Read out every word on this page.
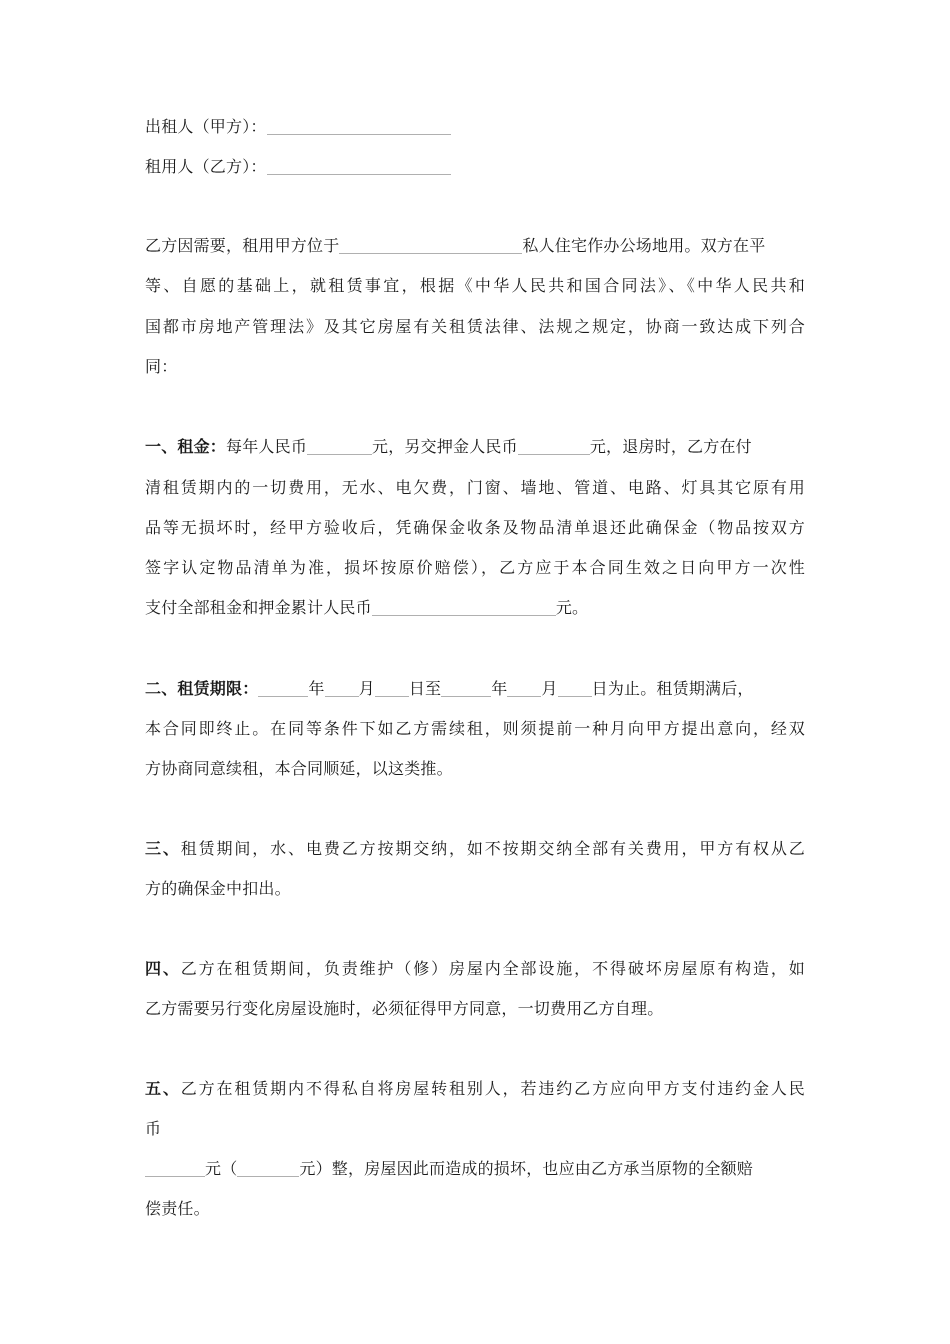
出租人（甲方）：
租用人（乙方）：
乙方因需要，租用甲方位于	私人住宅作办公场地用。双方在平
等、自愿的基础上，就租赁事宜，根据《中华人民共和国合同法》、《中华人民共和
国都市房地产管理法》及其它房屋有关租赁法律、法规之规定，协商一致达成下列合
同：
一、租金：每年人民币	元，另交押金人民币	元，退房时，乙方在付
清租赁期内的一切费用，无水、电欠费，门窗、墙地、管道、电路、灯具其它原有用
品等无损坏时，经甲方验收后，凭确保金收条及物品清单退还此确保金（物品按双方
签字认定物品清单为准，损坏按原价赔偿），乙方应于本合同生效之日向甲方一次性
支付全部租金和押金累计人民币	元。
二、租赁期限：	年 月 日至	年 月 日为止。租赁期满后，
本合同即终止。在同等条件下如乙方需续租，则须提前一种月向甲方提出意向，经双
方协商同意续租，本合同顺延，以这类推。
三、租赁期间，水、电费乙方按期交纳，如不按期交纳全部有关费用，甲方有权从乙
方的确保金中扣出。
四、乙方在租赁期间，负责维护（修）房屋内全部设施，不得破坏房屋原有构造，如
乙方需要另行变化房屋设施时，必须征得甲方同意，一切费用乙方自理。
五、乙方在租赁期内不得私自将房屋转租别人，若违约乙方应向甲方支付违约金人民
币
元（	元）整，房屋因此而造成的损坏，也应由乙方承当原物的全额赔
偿责任。
